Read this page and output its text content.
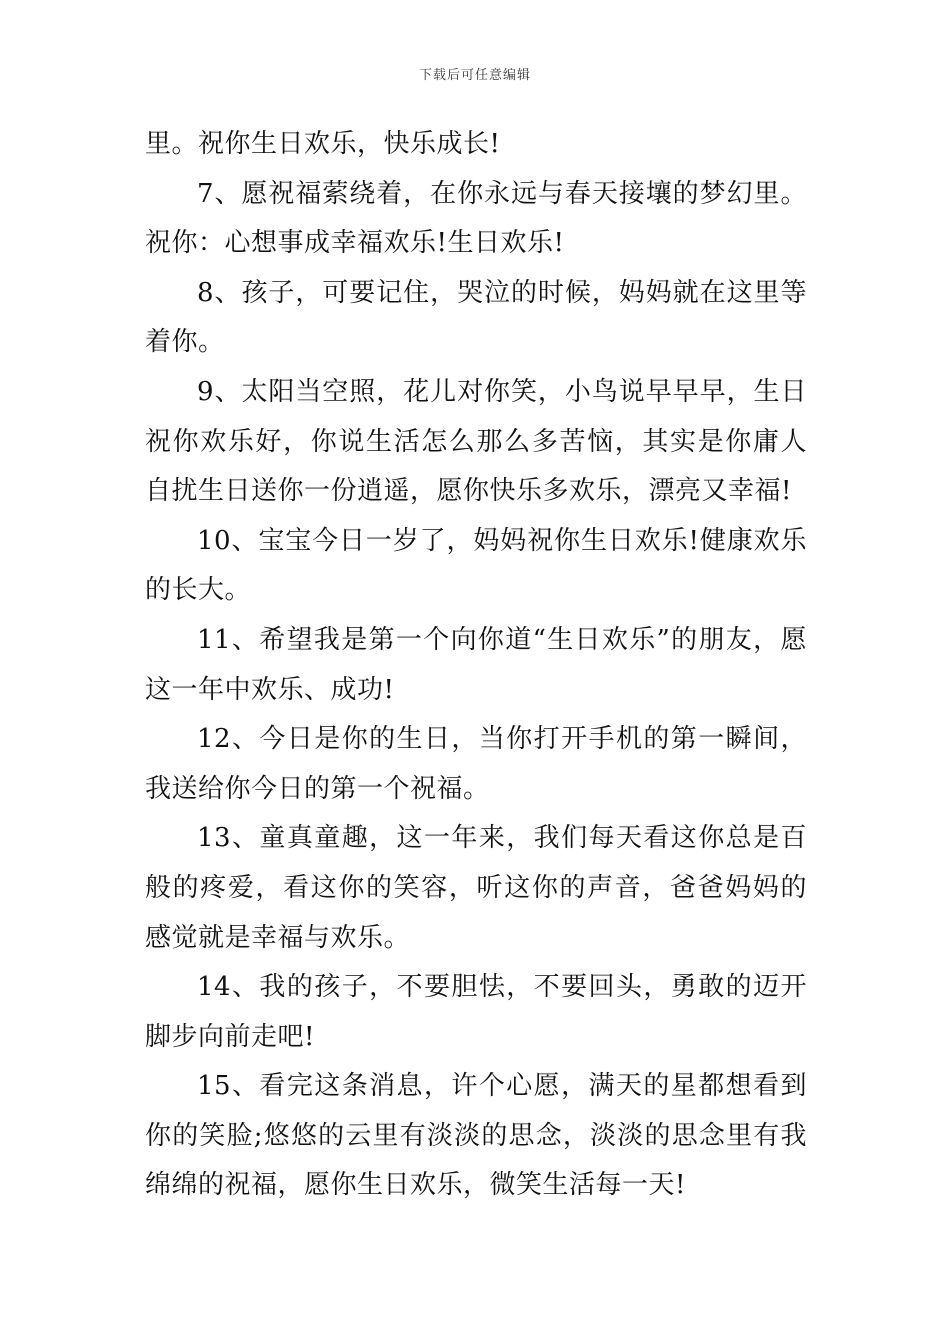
下载后可任意编辑

里。祝你生日欢乐，快乐成长!

7、愿祝福萦绕着，在你永远与春天接壤的梦幻里。祝你：心想事成幸福欢乐!生日欢乐!

8、孩子，可要记住，哭泣的时候，妈妈就在这里等着你。

9、太阳当空照，花儿对你笑，小鸟说早早早，生日祝你欢乐好，你说生活怎么那么多苦恼，其实是你庸人自扰生日送你一份逍遥，愿你快乐多欢乐，漂亮又幸福!

10、宝宝今日一岁了，妈妈祝你生日欢乐!健康欢乐的长大。

11、希望我是第一个向你道“生日欢乐”的朋友，愿这一年中欢乐、成功!

12、今日是你的生日，当你打开手机的第一瞬间，我送给你今日的第一个祝福。

13、童真童趣，这一年来，我们每天看这你总是百般的疼爱，看这你的笑容，听这你的声音，爸爸妈妈的感觉就是幸福与欢乐。

14、我的孩子，不要胆怯，不要回头，勇敢的迈开脚步向前走吧!

15、看完这条消息，许个心愿，满天的星都想看到你的笑脸;悠悠的云里有淡淡的思念，淡淡的思念里有我绵绵的祝福，愿你生日欢乐，微笑生活每一天!
